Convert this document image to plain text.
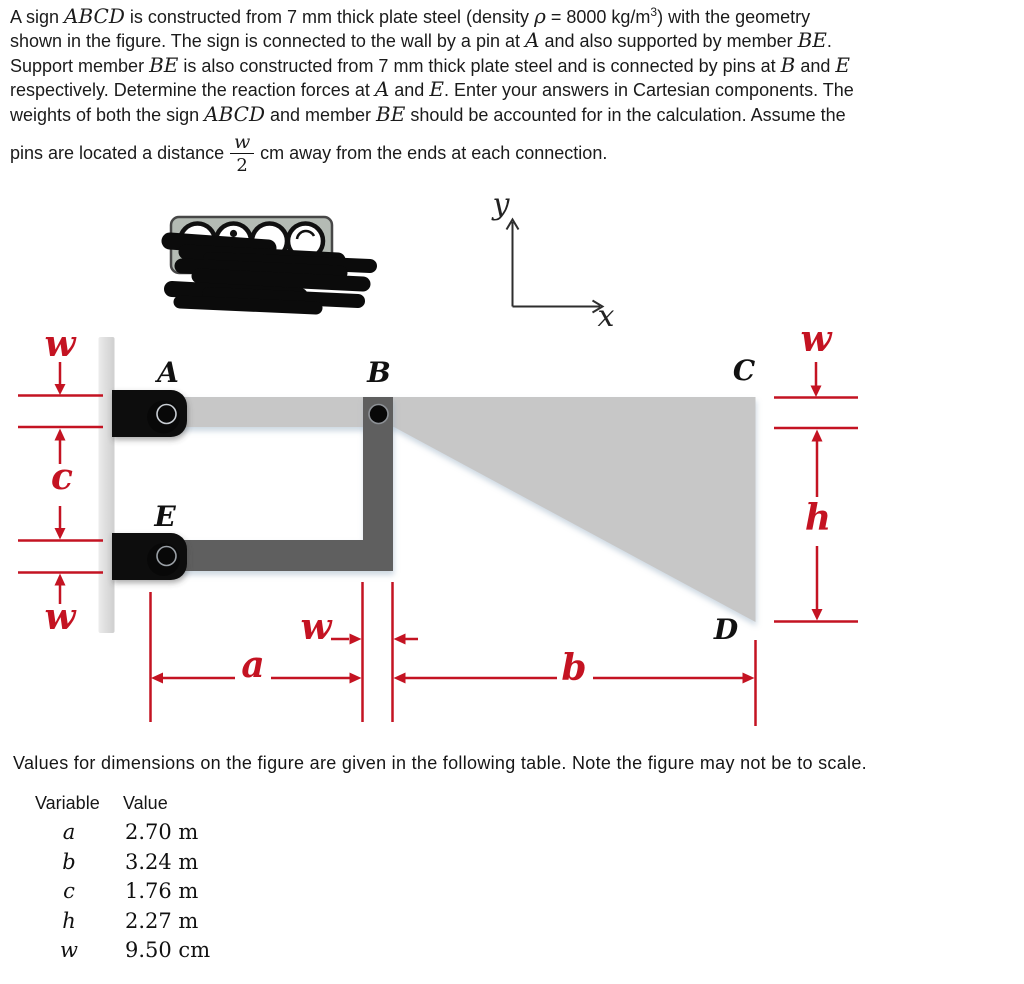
A sign ABCD is constructed from 7 mm thick plate steel (density ρ = 8000 $kg/m^3$) with the geometry
shown in the figure. The sign is connected to the wall by a pin at A and also supported by member BE.
Support member BE is also constructed from 7 mm thick plate steel and is connected by pins at B and E
respectively. Determine the reaction forces at A and E. Enter your answers in Cartesian components. The
weights of both the sign ABCD and member BE should be accounted for in the calculation. Assume the
pins are located a distance $\frac{w}{2}$ cm away from the ends at each connection.
20
y
x
A	B	C
D
E
w
c
w	w
a	b
w
h
Values for dimensions on the figure are given in the following table. Note the figure may not be to scale.
Variable Value
a 2.70 m
b 3.24 m
c 1.76 m
h 2.27 m
w 9.50 cm
